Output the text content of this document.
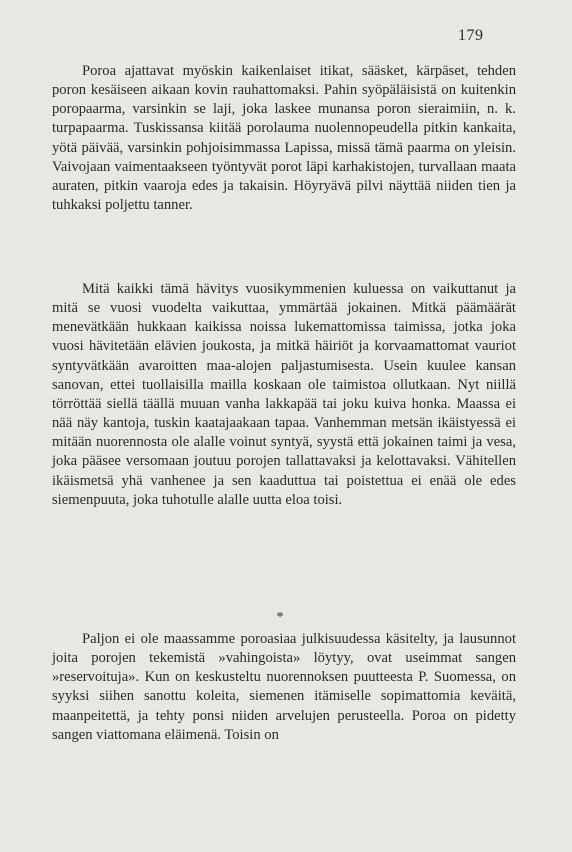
179

Poroa ajattavat myöskin kaikenlaiset itikat, sääsket, kärpäset, tehden poron kesäiseen aikaan kovin rauhattomaksi. Pahin syöpäläisistä on kuitenkin poropaarma, varsinkin se laji, joka laskee munansa poron sieraimiin, n. k. turpapaarma. Tuskissansa kiitää porolauma nuolennopeudella pitkin kankaita, yötä päivää, varsinkin pohjoisimmassa Lapissa, missä tämä paarma on yleisin. Vaivojaan vaimentaakseen työntyvät porot läpi karhakistojen, turvallaan maata auraten, pitkin vaaroja edes ja takaisin. Höyryävä pilvi näyttää niiden tien ja tuhkaksi poljettu tanner.

Mitä kaikki tämä hävitys vuosikymmenien kuluessa on vaikuttanut ja mitä se vuosi vuodelta vaikuttaa, ymmärtää jokainen. Mitkä päämäärät menevätkään hukkaan kaikissa noissa lukemattomissa taimissa, jotka joka vuosi hävitetään elävien joukosta, ja mitkä häiriöt ja korvaamattomat vauriot syntyvätkään avaroitten maa-alojen paljastumisesta. Usein kuulee kansan sanovan, ettei tuollaisilla mailla koskaan ole taimistoa ollutkaan. Nyt niillä törröttää siellä täällä muuan vanha lakkapää tai joku kuiva honka. Maassa ei nää näy kantoja, tuskin kaatajaakaan tapaa. Vanhemman metsän ikäistyessä ei mitään nuorennosta ole alalle voinut syntyä, syystä että jokainen taimi ja vesa, joka pääsee versomaan joutuu porojen tallattavaksi ja kelottavaksi. Vähitellen ikäismetsä yhä vanhenee ja sen kaaduttua tai poistettua ei enää ole edes siemenpuuta, joka tuhotulle alalle uutta eloa toisi.

*

Paljon ei ole maassamme poroasiaa julkisuudessa käsitelty, ja lausunnot joita porojen tekemistä »vahingoista» löytyy, ovat useimmat sangen »reservoituja». Kun on keskusteltu nuorennoksen puutteesta P. Suomessa, on syyksi siihen sanottu koleita, siemenen itämiselle sopimattomia keväitä, maanpeitettä, ja tehty ponsi niiden arvelujen perusteella. Poroa on pidetty sangen viattomana eläimenä. Toisin on
